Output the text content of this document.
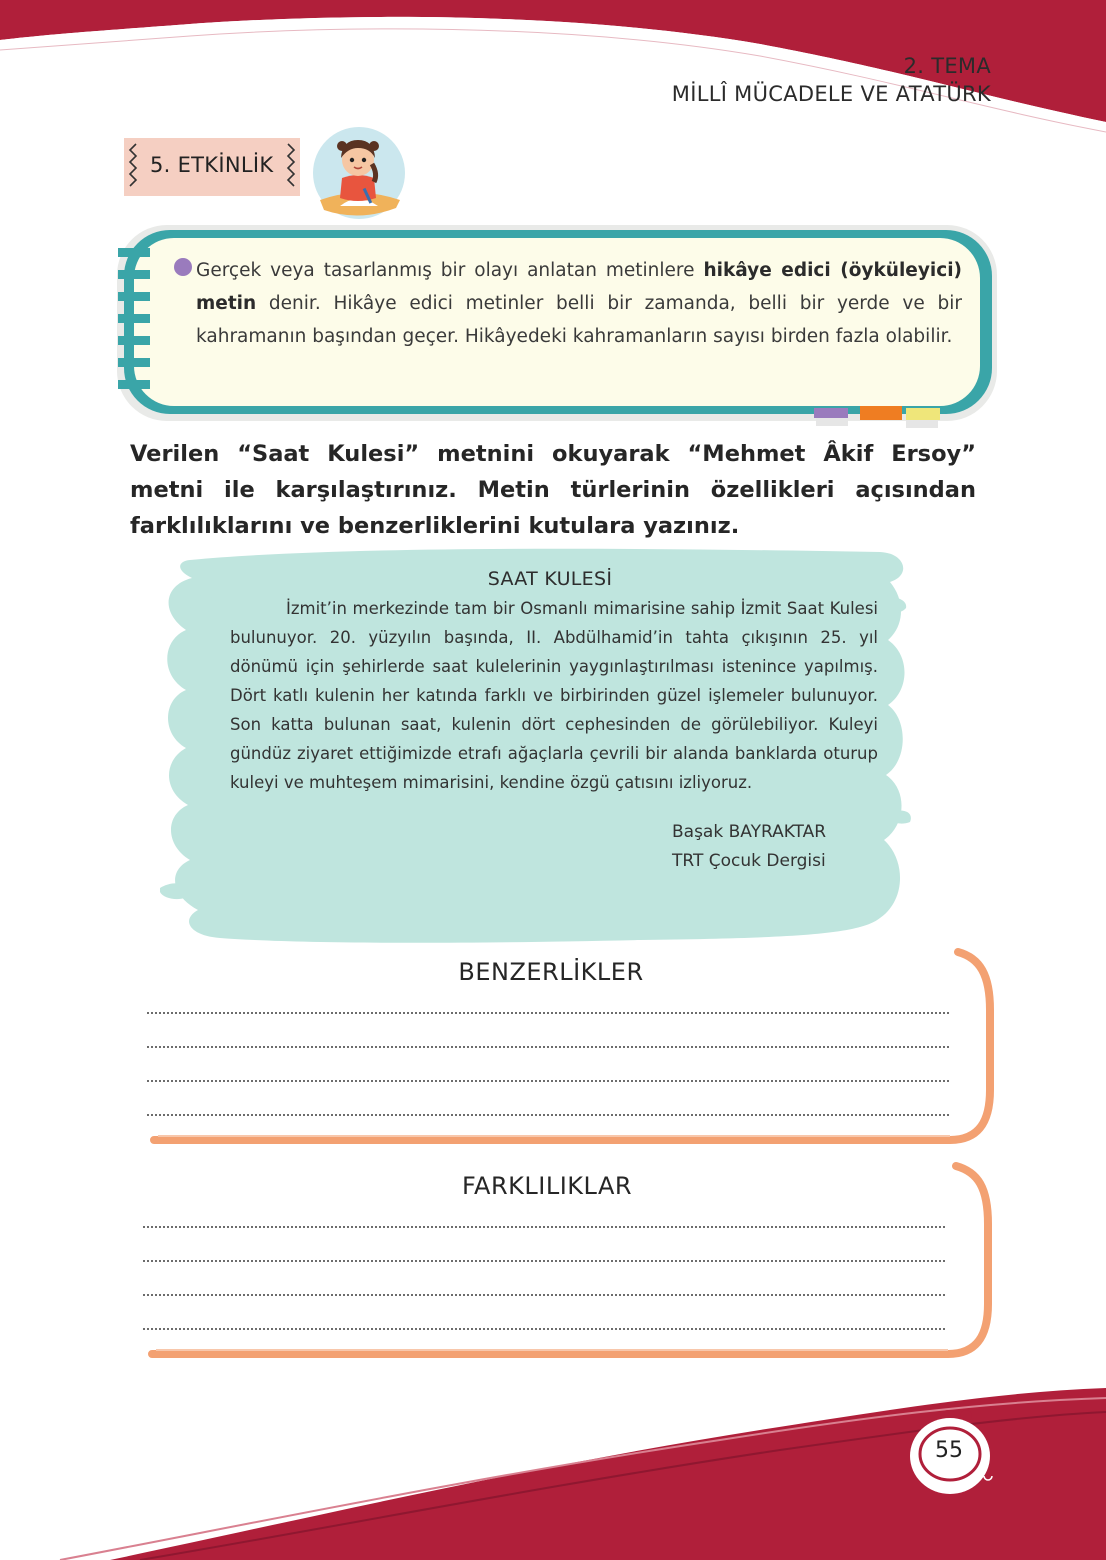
2. TEMA
MİLLÎ MÜCADELE VE ATATÜRK
5. ETKİNLİK
Gerçek veya tasarlanmış bir olayı anlatan metinlere hikâye edici (öyküleyici) metin denir. Hikâye edici metinler belli bir zamanda, belli bir yerde ve bir kahramanın başından geçer. Hikâyedeki kahramanların sayısı birden fazla olabilir.
Verilen “Saat Kulesi” metnini okuyarak “Mehmet Âkif Ersoy” metni ile karşılaştırınız. Metin türlerinin özellikleri açısından farklılıklarını ve benzerliklerini kutulara yazınız.
SAAT KULESİ
İzmit’in merkezinde tam bir Osmanlı mimarisine sahip İzmit Saat Kulesi bulunuyor. 20. yüzyılın başında, II. Abdülhamid’in tahta çıkışının 25. yıl dönümü için şehirlerde saat kulelerinin yaygınlaştırılması istenince yapılmış. Dört katlı kulenin her katında farklı ve birbirinden güzel işlemeler bulunuyor. Son katta bulunan saat, kulenin dört cephesinden de görülebiliyor. Kuleyi gündüz ziyaret ettiğimizde etrafı ağaçlarla çevrili bir alanda banklarda oturup kuleyi ve muhteşem mimarisini, kendine özgü çatısını izliyoruz.
Başak BAYRAKTAR
TRT Çocuk Dergisi
BENZERLİKLER
FARKLILIKLAR
55
